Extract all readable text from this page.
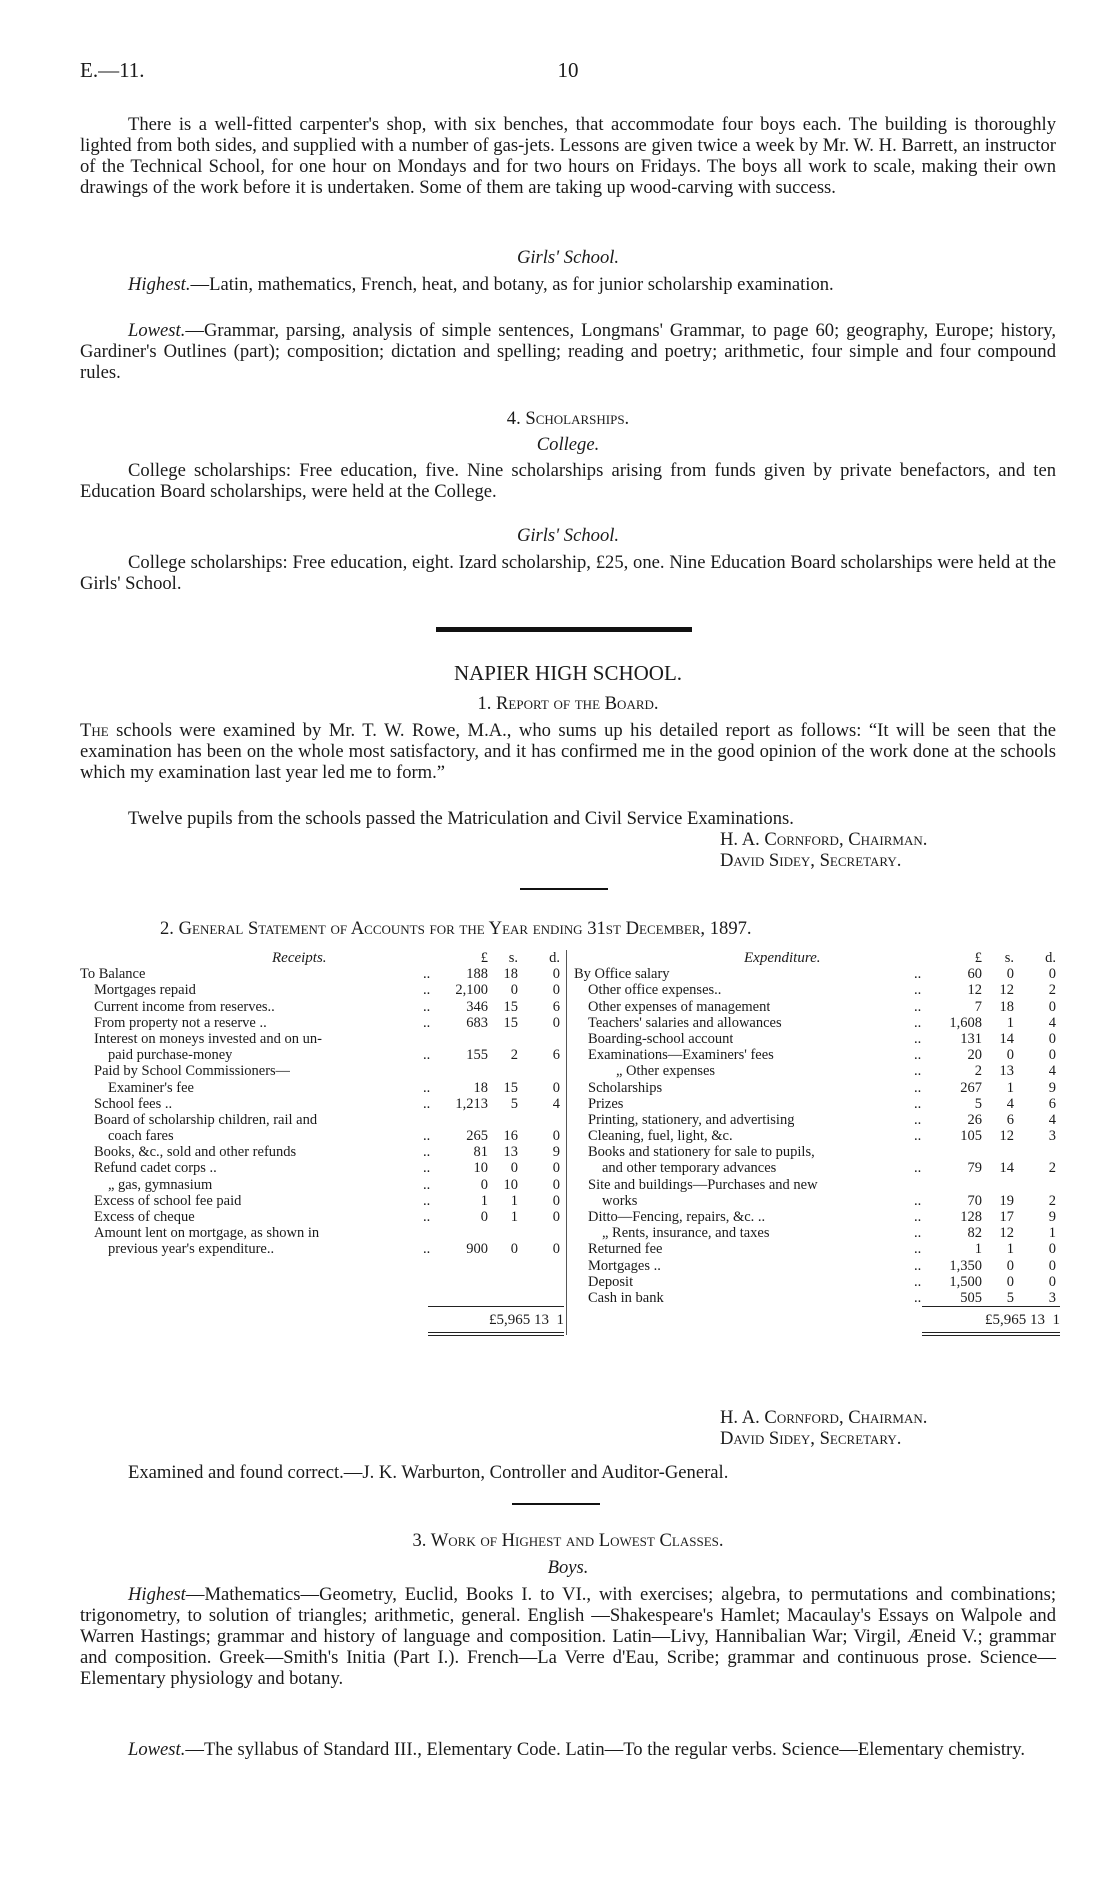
E.—11.	10
There is a well-fitted carpenter's shop, with six benches, that accommodate four boys each. The building is thoroughly lighted from both sides, and supplied with a number of gas-jets. Lessons are given twice a week by Mr. W. H. Barrett, an instructor of the Technical School, for one hour on Mondays and for two hours on Fridays. The boys all work to scale, making their own drawings of the work before it is undertaken. Some of them are taking up wood-carving with success.
Girls' School.
Highest.—Latin, mathematics, French, heat, and botany, as for junior scholarship examination.
Lowest.—Grammar, parsing, analysis of simple sentences, Longmans' Grammar, to page 60; geography, Europe; history, Gardiner's Outlines (part); composition; dictation and spelling; reading and poetry; arithmetic, four simple and four compound rules.
4. Scholarships.
College.
College scholarships: Free education, five. Nine scholarships arising from funds given by private benefactors, and ten Education Board scholarships, were held at the College.
Girls' School.
College scholarships: Free education, eight. Izard scholarship, £25, one. Nine Education Board scholarships were held at the Girls' School.
NAPIER HIGH SCHOOL.
1. Report of the Board.
The schools were examined by Mr. T. W. Rowe, M.A., who sums up his detailed report as follows: “It will be seen that the examination has been on the whole most satisfactory, and it has confirmed me in the good opinion of the work done at the schools which my examination last year led me to form.”
Twelve pupils from the schools passed the Matriculation and Civil Service Examinations.
H. A. Cornford, Chairman.
David Sidey, Secretary.
2. General Statement of Accounts for the Year ending 31st December, 1897.
Receipts.	£	s. d.
To Balance	..	188	18	0
Mortgages repaid	..	2,100	0	0
Current income from reserves..	..	346	15	6
From property not a reserve ..	..	683	15	0
Interest on moneys invested and on un-
paid purchase-money	..	155	2	6
Paid by School Commissioners—
Examiner's fee	..	18	15	0
School fees ..	..	1,213	5	4
Board of scholarship children, rail and
coach fares	..	265	16	0
Books, &c., sold and other refunds	..	81	13	9
Refund cadet corps ..	..	10	0	0
„ gas, gymnasium	..	0	10	0
Excess of school fee paid	..	1	1	0
Excess of cheque	..	0	1	0
Amount lent on mortgage, as shown in
previous year's expenditure..	..	900	0	0
£5,965 13  1
Expenditure.	£	s. d.
By Office salary	..	60	0	0
Other office expenses..	..	12	12	2
Other expenses of management	..	7	18	0
Teachers' salaries and allowances	..	1,608	1	4
Boarding-school account	..	131	14	0
Examinations—Examiners' fees	..	20	0	0
„ Other expenses	..	2	13	4
Scholarships	..	267	1	9
Prizes	..	5	4	6
Printing, stationery, and advertising	..	26	6	4
Cleaning, fuel, light, &c.	..	105	12	3
Books and stationery for sale to pupils,
and other temporary advances	..	79	14	2
Site and buildings—Purchases and new
works	..	70	19	2
Ditto—Fencing, repairs, &c. ..	..	128	17	9
„ Rents, insurance, and taxes	..	82	12	1
Returned fee	..	1	1	0
Mortgages ..	..	1,350	0	0
Deposit	..	1,500	0	0
Cash in bank	..	505	5	3
£5,965 13  1
H. A. Cornford, Chairman.
David Sidey, Secretary.
Examined and found correct.—J. K. Warburton, Controller and Auditor-General.
3. Work of Highest and Lowest Classes.
Boys.
Highest—Mathematics—Geometry, Euclid, Books I. to VI., with exercises; algebra, to permutations and combinations; trigonometry, to solution of triangles; arithmetic, general. English —Shakespeare's Hamlet; Macaulay's Essays on Walpole and Warren Hastings; grammar and history of language and composition. Latin—Livy, Hannibalian War; Virgil, Æneid V.; grammar and composition. Greek—Smith's Initia (Part I.). French—La Verre d'Eau, Scribe; grammar and continuous prose. Science—Elementary physiology and botany.
Lowest.—The syllabus of Standard III., Elementary Code. Latin—To the regular verbs. Science—Elementary chemistry.
